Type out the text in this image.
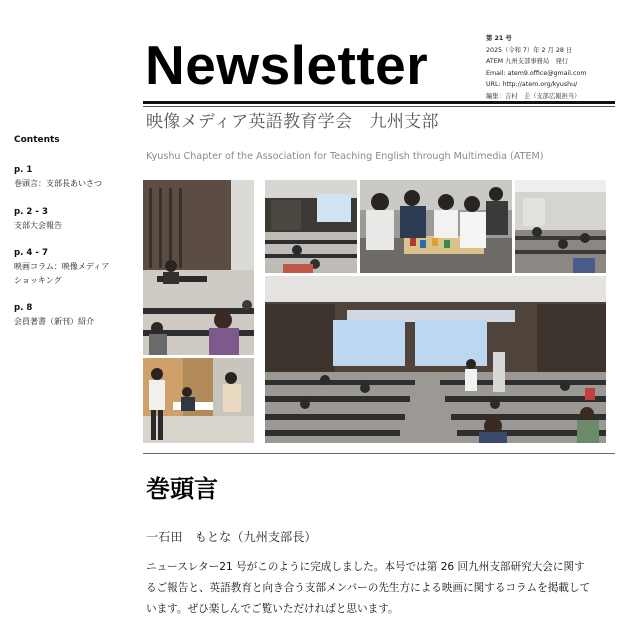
Newsletter	第 21 号
2025（令和 7）年 2 月 28 日
ATEM 九州支部事務局　発行
Email: atem9.office@gmail.com
URL: http://atem.org/kyushu/
編集：吉村　圭（支部広報担当）
映像メディア英語教育学会　九州支部
Kyushu Chapter of the Association for Teaching English through Multimedia (ATEM)
Contents
p. 1
巻頭言：支部長あいさつ
p. 2 - 3
支部大会報告
p. 4 - 7
映画コラム：映像メディア
ショッキング
p. 8
会員著書（新刊）紹介
巻頭言
一石田　もとな（九州支部長）
ニュースレター21 号がこのように完成しました。本号では第 26 回九州支部研究大会に関す
るご報告と、英語教育と向き合う支部メンバーの先生方による映画に関するコラムを掲載して
います。ぜひ楽しんでご覧いただければと思います。
